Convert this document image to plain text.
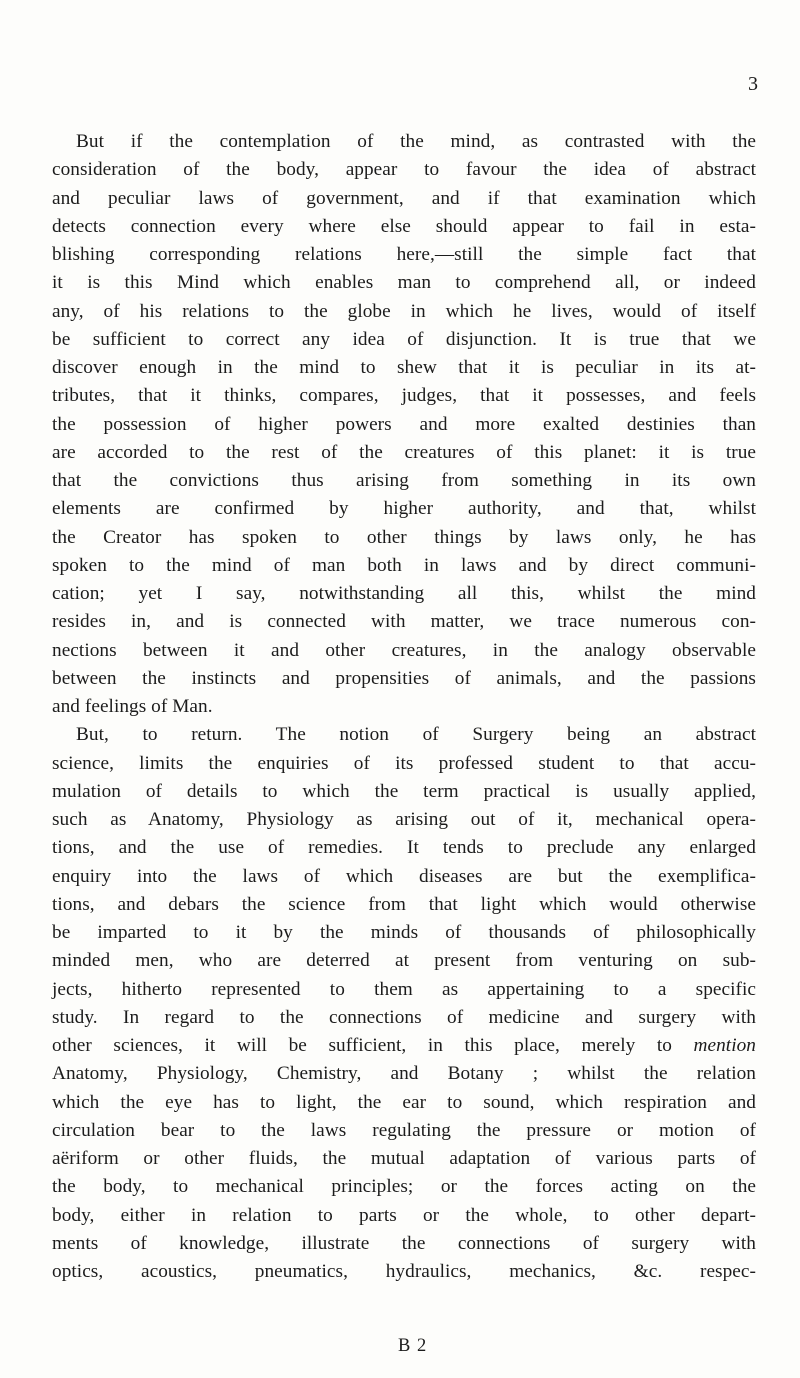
3
But if the contemplation of the mind, as contrasted with the
consideration of the body, appear to favour the idea of abstract
and peculiar laws of government, and if that examination which
detects connection every where else should appear to fail in esta-
blishing corresponding relations here,—still the simple fact that
it is this Mind which enables man to comprehend all, or indeed
any, of his relations to the globe in which he lives, would of itself
be sufficient to correct any idea of disjunction. It is true that we
discover enough in the mind to shew that it is peculiar in its at-
tributes, that it thinks, compares, judges, that it possesses, and feels
the possession of higher powers and more exalted destinies than
are accorded to the rest of the creatures of this planet: it is true
that the convictions thus arising from something in its own
elements are confirmed by higher authority, and that, whilst
the Creator has spoken to other things by laws only, he has
spoken to the mind of man both in laws and by direct communi-
cation; yet I say, notwithstanding all this, whilst the mind
resides in, and is connected with matter, we trace numerous con-
nections between it and other creatures, in the analogy observable
between the instincts and propensities of animals, and the passions
and feelings of Man.
But, to return. The notion of Surgery being an abstract
science, limits the enquiries of its professed student to that accu-
mulation of details to which the term practical is usually applied,
such as Anatomy, Physiology as arising out of it, mechanical opera-
tions, and the use of remedies. It tends to preclude any enlarged
enquiry into the laws of which diseases are but the exemplifica-
tions, and debars the science from that light which would otherwise
be imparted to it by the minds of thousands of philosophically
minded men, who are deterred at present from venturing on sub-
jects, hitherto represented to them as appertaining to a specific
study. In regard to the connections of medicine and surgery with
other sciences, it will be sufficient, in this place, merely to mention
Anatomy, Physiology, Chemistry, and Botany ; whilst the relation
which the eye has to light, the ear to sound, which respiration and
circulation bear to the laws regulating the pressure or motion of
aëriform or other fluids, the mutual adaptation of various parts of
the body, to mechanical principles; or the forces acting on the
body, either in relation to parts or the whole, to other depart-
ments of knowledge, illustrate the connections of surgery with
optics, acoustics, pneumatics, hydraulics, mechanics, &c. respec-
B 2
